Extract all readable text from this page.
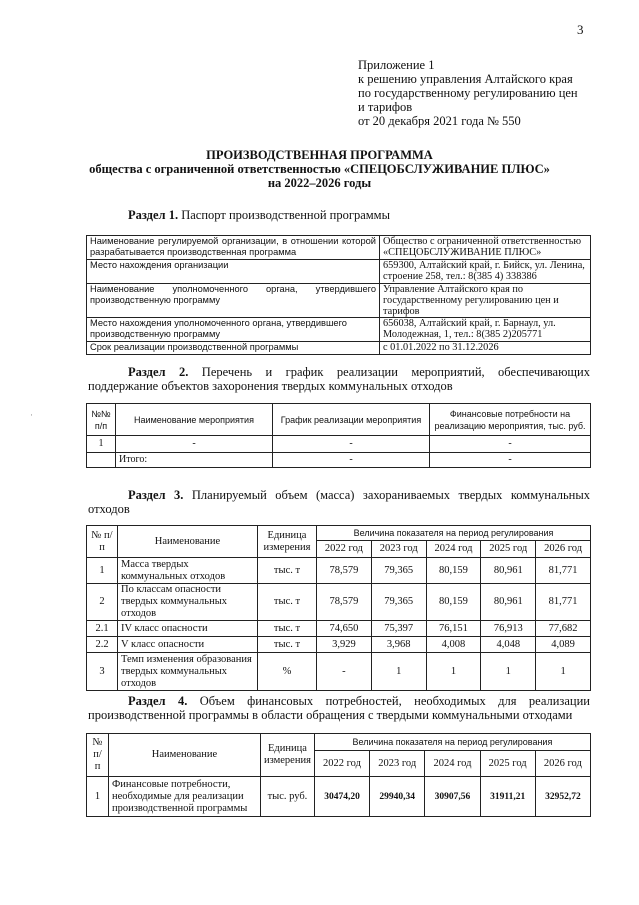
3
Приложение 1
к решению управления Алтайского края
по государственному регулированию цен
и тарифов
от 20 декабря 2021 года № 550
ПРОИЗВОДСТВЕННАЯ ПРОГРАММА
общества с ограниченной ответственностью «СПЕЦОБСЛУЖИВАНИЕ ПЛЮС»
на 2022–2026 годы
Раздел 1. Паспорт производственной программы
Наименование регулируемой организации, в отношении которой разрабатывается производственная программа	Общество с ограниченной ответственностью «СПЕЦОБСЛУЖИВАНИЕ ПЛЮС»
Место нахождения организации	659300, Алтайский край, г. Бийск, ул. Ленина, строение 258, тел.: 8(385 4) 338386
Наименование уполномоченного органа, утвердившего производственную программу	Управление Алтайского края по государственному регулированию цен и тарифов
Место нахождения уполномоченного органа, утвердившего производственную программу	656038, Алтайский край, г. Барнаул, ул. Молодежная, 1, тел.: 8(385 2)205771
Срок реализации производственной программы	с 01.01.2022 по 31.12.2026
Раздел 2. Перечень и график реализации мероприятий, обеспечивающих поддержание объектов захоронения твердых коммунальных отходов
·	№№ п/п	Наименование мероприятия	График реализации мероприятия	Финансовые потребности на реализацию мероприятия, тыс. руб.
1	-	-	-
	Итого:	-	-
Раздел 3. Планируемый объем (масса) захораниваемых твердых коммунальных отходов
№ п/п	Наименование	Единица измерения	Величина показателя на период регулирования				
			2022 год	2023 год	2024 год	2025 год	2026 год
1	Масса твердых коммунальных отходов	тыс. т	78,579	79,365	80,159	80,961	81,771
2	По классам опасности твердых коммунальных отходов	тыс. т	78,579	79,365	80,159	80,961	81,771
2.1	IV класс опасности	тыс. т	74,650	75,397	76,151	76,913	77,682
2.2	V класс опасности	тыс. т	3,929	3,968	4,008	4,048	4,089
3	Темп изменения образования твердых коммунальных отходов	%	-	1	1	1	1
Раздел 4. Объем финансовых потребностей, необходимых для реализации производственной программы в области обращения с твердыми коммунальными отходами
№ п/ п	Наименование	Единица измерения	Величина показателя на период регулирования				
			2022 год	2023 год	2024 год	2025 год	2026 год
1	Финансовые потребности, необходимые для реализации производственной программы	тыс. руб.	30474,20	29940,34	30907,56	31911,21	32952,72
